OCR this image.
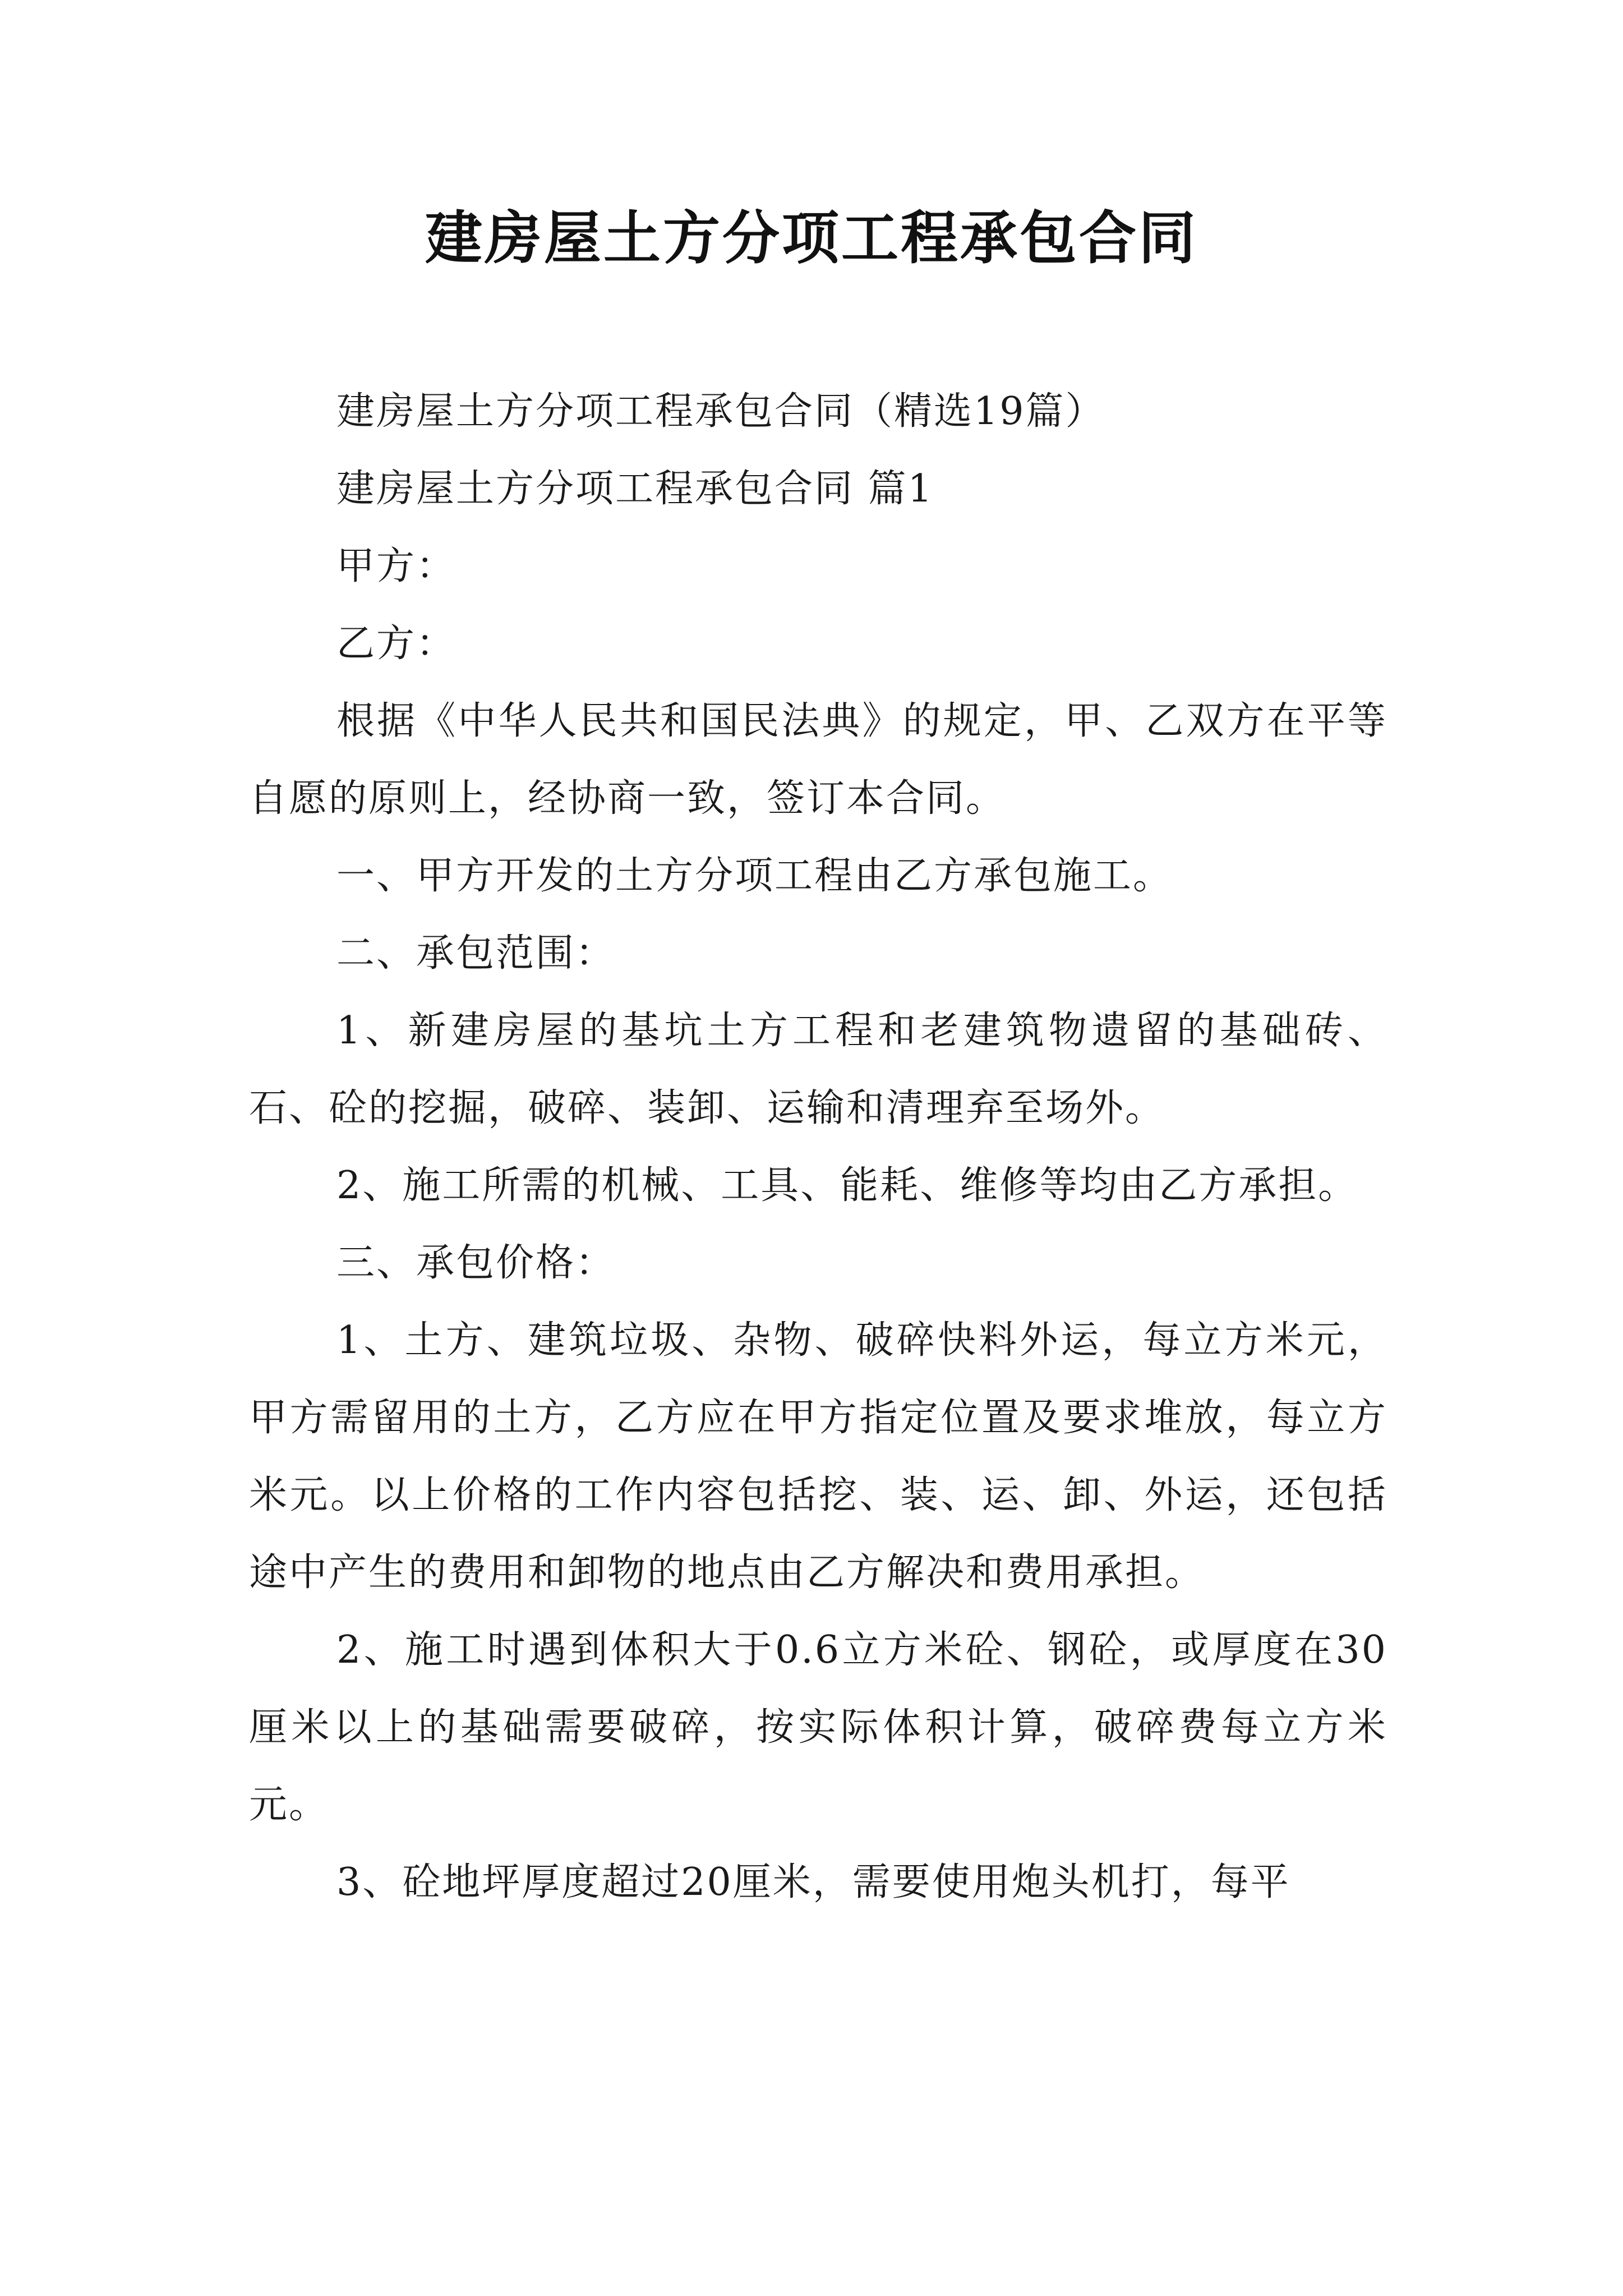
建房屋土方分项工程承包合同

建房屋土方分项工程承包合同（精选19篇）

建房屋土方分项工程承包合同 篇1

甲方：

乙方：

根据《中华人民共和国民法典》的规定，甲、乙双方在平等自愿的原则上，经协商一致，签订本合同。

一、甲方开发的土方分项工程由乙方承包施工。

二、承包范围：

1、新建房屋的基坑土方工程和老建筑物遗留的基础砖、石、砼的挖掘，破碎、装卸、运输和清理弃至场外。

2、施工所需的机械、工具、能耗、维修等均由乙方承担。

三、承包价格：

1、土方、建筑垃圾、杂物、破碎快料外运，每立方米元，甲方需留用的土方，乙方应在甲方指定位置及要求堆放，每立方米元。以上价格的工作内容包括挖、装、运、卸、外运，还包括途中产生的费用和卸物的地点由乙方解决和费用承担。

2、施工时遇到体积大于0.6立方米砼、钢砼，或厚度在30厘米以上的基础需要破碎，按实际体积计算，破碎费每立方米元。

3、砼地坪厚度超过20厘米，需要使用炮头机打，每平
